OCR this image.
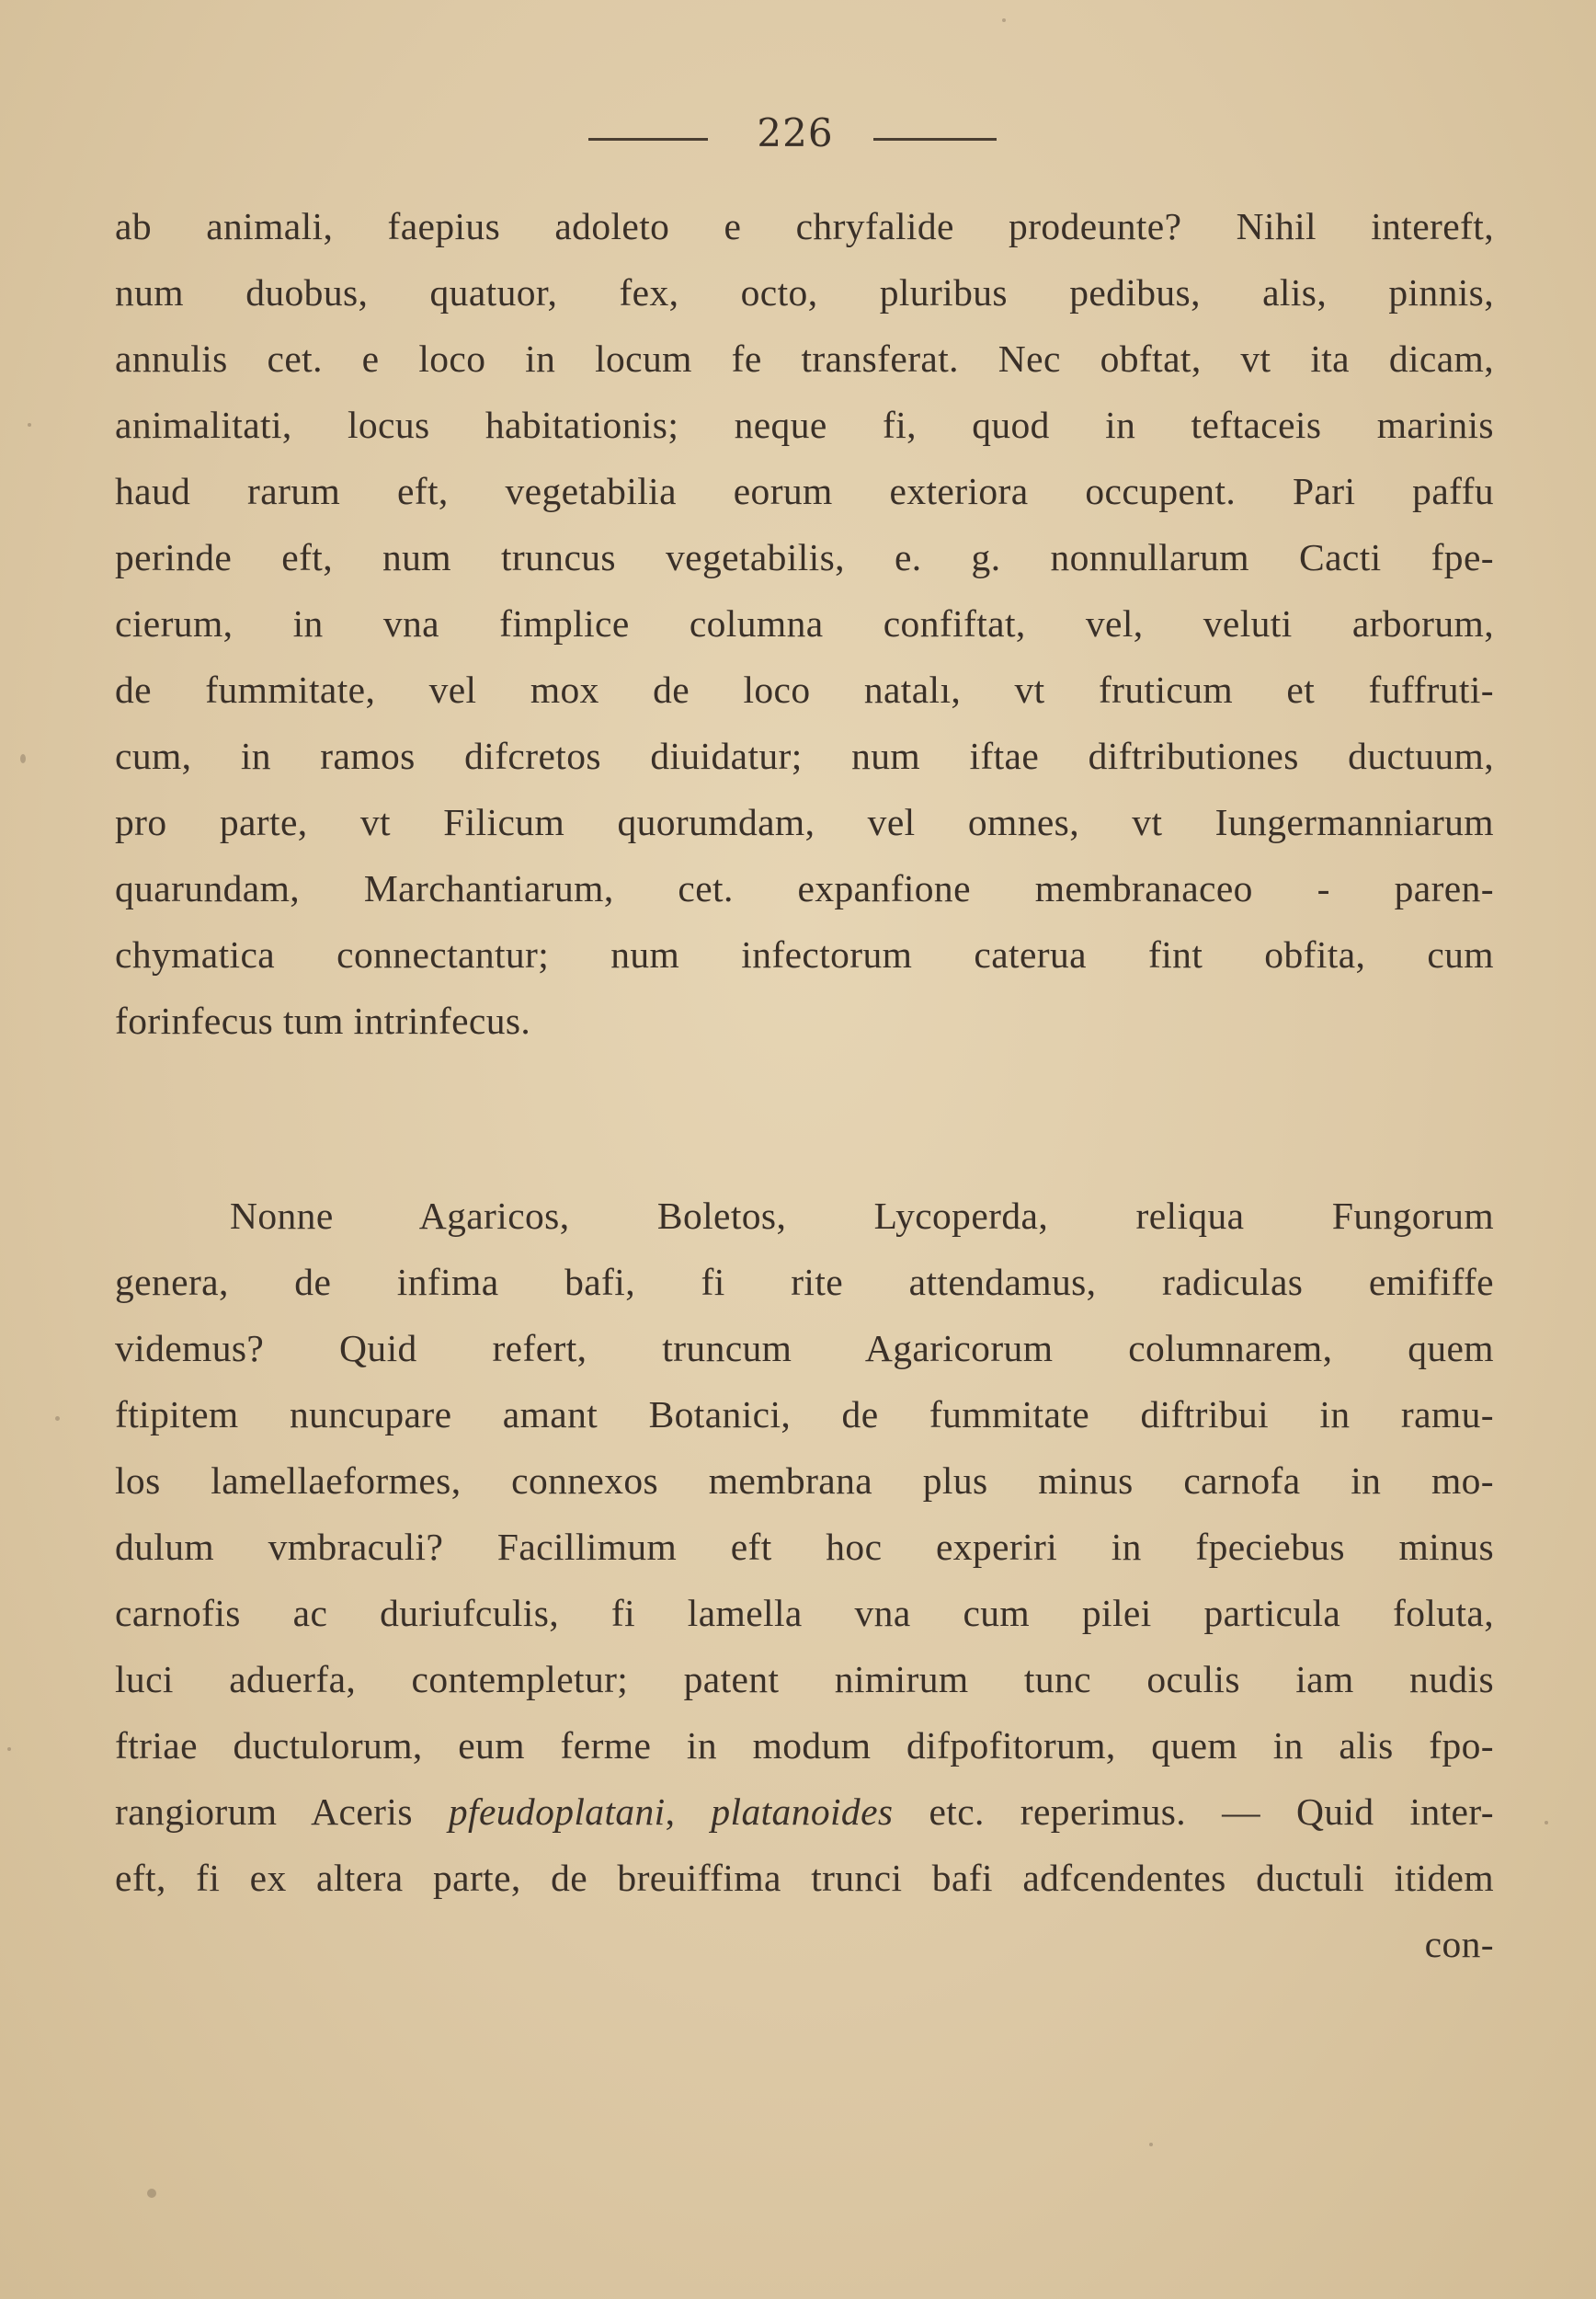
226
ab animali, faepius adoleto e chryfalide prodeunte? Nihil intereft,
num duobus, quatuor, fex, octo, pluribus pedibus, alis, pinnis,
annulis cet. e loco in locum fe transferat. Nec obftat, vt ita dicam,
animalitati, locus habitationis; neque fi, quod in teftaceis marinis
haud rarum eft, vegetabilia eorum exteriora occupent. Pari paffu
perinde eft, num truncus vegetabilis, e. g. nonnullarum Cacti fpe-
cierum, in vna fimplice columna confiftat, vel, veluti arborum,
de fummitate, vel mox de loco natalı, vt fruticum et fuffruti-
cum, in ramos difcretos diuidatur; num iftae diftributiones ductuum,
pro parte, vt Filicum quorumdam, vel omnes, vt Iungermanniarum
quarundam, Marchantiarum, cet. expanfione membranaceo - paren-
chymatica connectantur; num infectorum caterua fint obfita, cum
forinfecus tum intrinfecus.
Nonne Agaricos, Boletos, Lycoperda, reliqua Fungorum
genera, de infima bafi, fi rite attendamus, radiculas emififfe
videmus? Quid refert, truncum Agaricorum columnarem, quem
ftipitem nuncupare amant Botanici, de fummitate diftribui in ramu-
los lamellaeformes, connexos membrana plus minus carnofa in mo-
dulum vmbraculi? Facillimum eft hoc experiri in fpeciebus minus
carnofis ac duriufculis, fi lamella vna cum pilei particula foluta,
luci aduerfa, contempletur; patent nimirum tunc oculis iam nudis
ftriae ductulorum, eum ferme in modum difpofitorum, quem in alis fpo-
rangiorum Aceris pfeudoplatani, platanoides etc. reperimus. — Quid inter-
eft, fi ex altera parte, de breuiffima trunci bafi adfcendentes ductuli itidem
con-
